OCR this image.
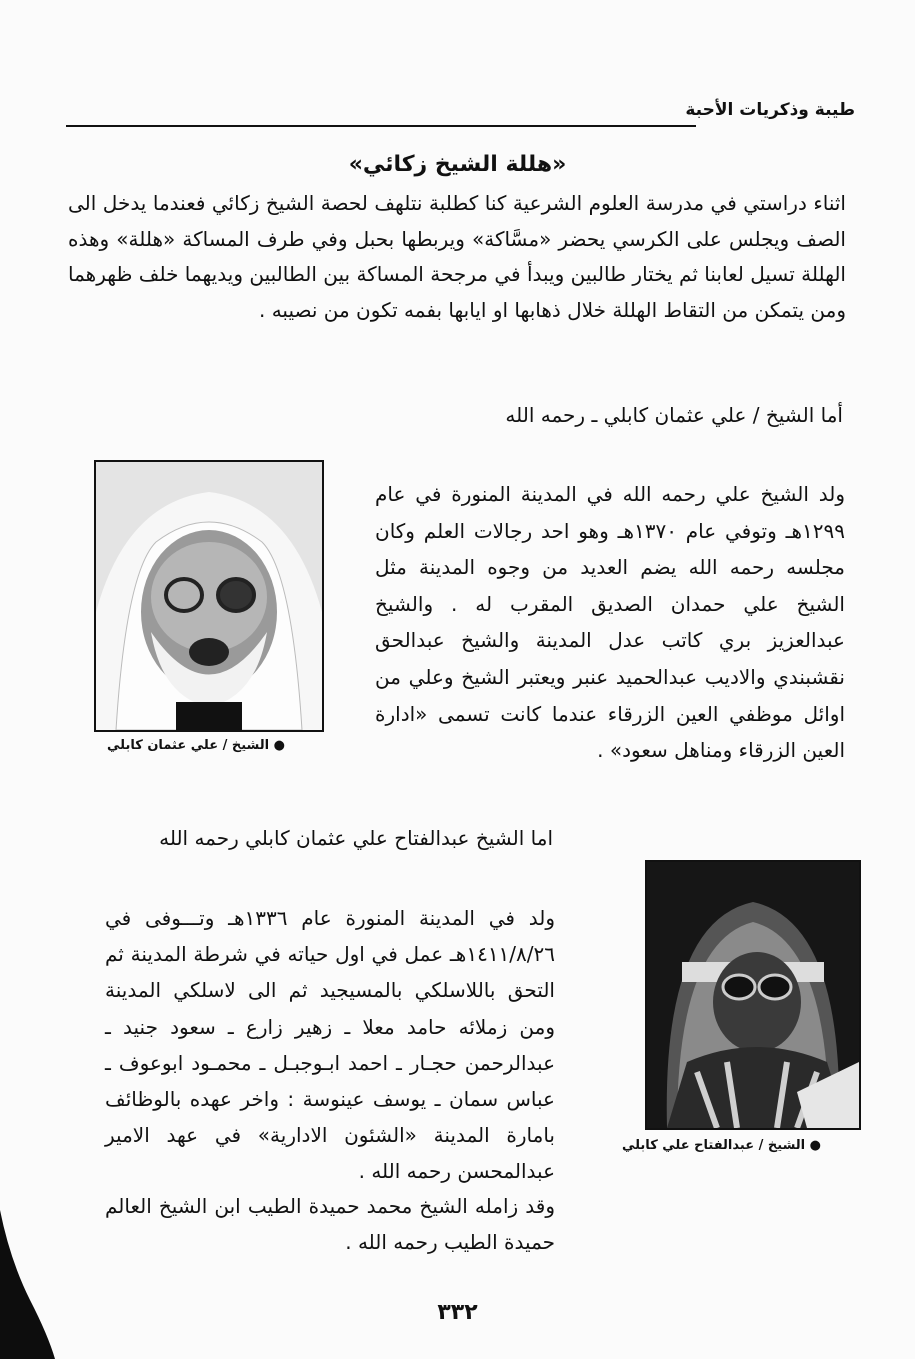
طيبة وذكريات الأحبة
«هللة الشيخ زكائي»

اثناء دراستي في مدرسة العلوم الشرعية كنا كطلبة نتلهف لحصة الشيخ زكائي فعندما يدخل الى الصف ويجلس على الكرسي يحضر «مسَّاكة» ويربطها بحبل وفي طرف المساكة «هللة» وهذه الهللة تسيل لعابنا ثم يختار طالبين ويبدأ في مرجحة المساكة بين الطالبين ويديهما خلف ظهرهما ومن يتمكن من التقاط الهللة خلال ذهابها او ايابها بفمه تكون من نصيبه .

أما الشيخ / علي عثمان كابلي ـ رحمه الله
● الشيخ / علي عثمان كابلي

ولد الشيخ علي رحمه الله في المدينة المنورة في عام ١٢٩٩هـ وتوفي عام ١٣٧٠هـ وهو احد رجالات العلم وكان مجلسه رحمه الله يضم العديد من وجوه المدينة مثل الشيخ علي حمدان الصديق المقرب له . والشيخ عبدالعزيز بري كاتب عدل المدينة والشيخ عبدالحق نقشبندي والاديب عبدالحميد عنبر ويعتبر الشيخ وعلي من اوائل موظفي العين الزرقاء عندما كانت تسمى «ادارة العين الزرقاء ومناهل سعود» .

اما الشيخ عبدالفتاح علي عثمان كابلي رحمه الله
● الشيخ / عبدالفتاح علي كابلي

ولد في المدينة المنورة عام ١٣٣٦هـ وتـــوفى في ١٤١١/٨/٢٦هـ عمل في اول حياته في شرطة المدينة ثم التحق باللاسلكي بالمسيجيد ثم الى لاسلكي المدينة ومن زملائه حامد معلا ـ زهير زارع ـ سعود جنيد ـ عبدالرحمن حجـار ـ احمد ابـوجبـل ـ محمـود ابوعوف ـ عباس سمان ـ يوسف عينوسة : واخر عهده بالوظائف بامارة المدينة «الشئون الادارية» في عهد الامير عبدالمحسن رحمه الله .

وقد زامله الشيخ محمد حميدة الطيب ابن الشيخ العالم حميدة الطيب رحمه الله .

٣٣٢
